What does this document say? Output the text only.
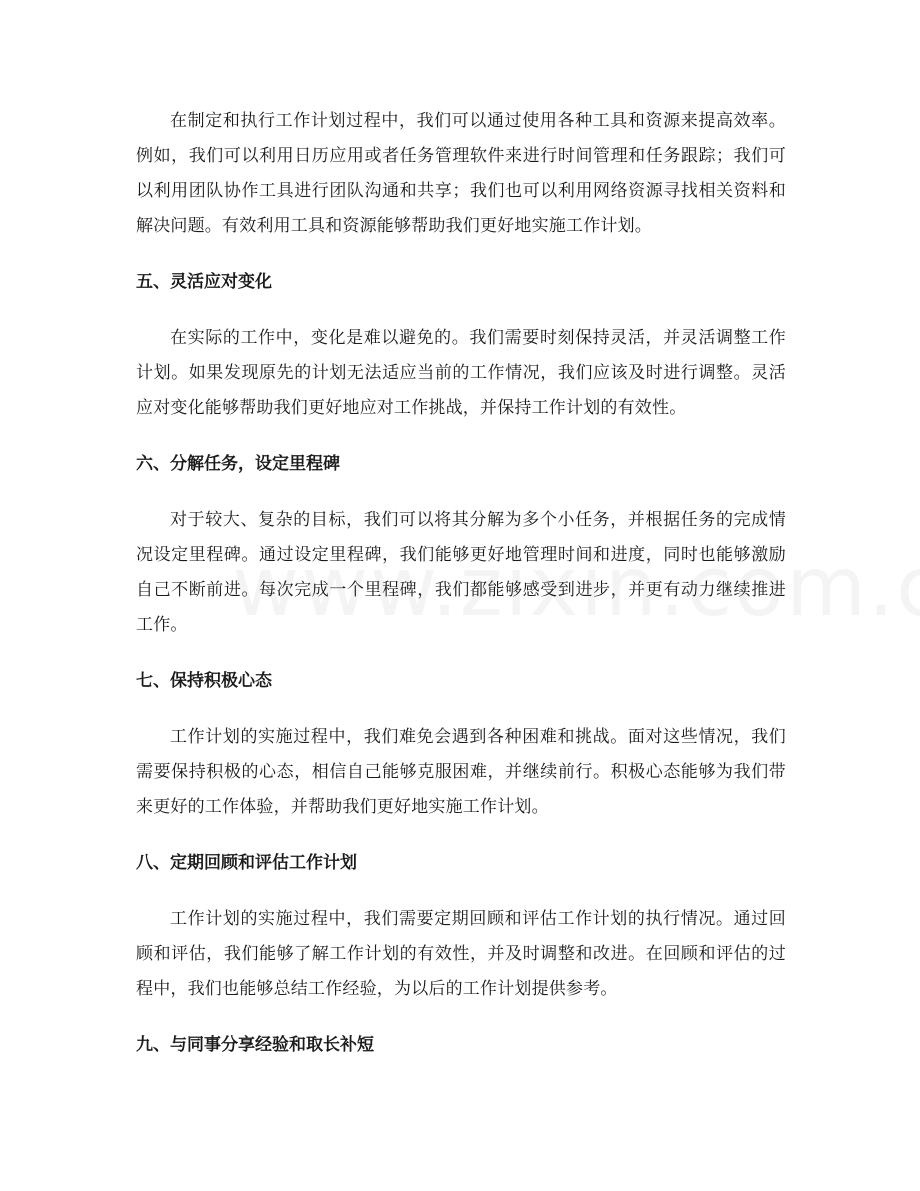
在制定和执行工作计划过程中，我们可以通过使用各种工具和资源来提高效率。例如，我们可以利用日历应用或者任务管理软件来进行时间管理和任务跟踪；我们可以利用团队协作工具进行团队沟通和共享；我们也可以利用网络资源寻找相关资料和解决问题。有效利用工具和资源能够帮助我们更好地实施工作计划。

五、灵活应对变化

在实际的工作中，变化是难以避免的。我们需要时刻保持灵活，并灵活调整工作计划。如果发现原先的计划无法适应当前的工作情况，我们应该及时进行调整。灵活应对变化能够帮助我们更好地应对工作挑战，并保持工作计划的有效性。

六、分解任务，设定里程碑

对于较大、复杂的目标，我们可以将其分解为多个小任务，并根据任务的完成情况设定里程碑。通过设定里程碑，我们能够更好地管理时间和进度，同时也能够激励自己不断前进。每次完成一个里程碑，我们都能够感受到进步，并更有动力继续推进工作。

七、保持积极心态

工作计划的实施过程中，我们难免会遇到各种困难和挑战。面对这些情况，我们需要保持积极的心态，相信自己能够克服困难，并继续前行。积极心态能够为我们带来更好的工作体验，并帮助我们更好地实施工作计划。

八、定期回顾和评估工作计划

工作计划的实施过程中，我们需要定期回顾和评估工作计划的执行情况。通过回顾和评估，我们能够了解工作计划的有效性，并及时调整和改进。在回顾和评估的过程中，我们也能够总结工作经验，为以后的工作计划提供参考。

九、与同事分享经验和取长补短
